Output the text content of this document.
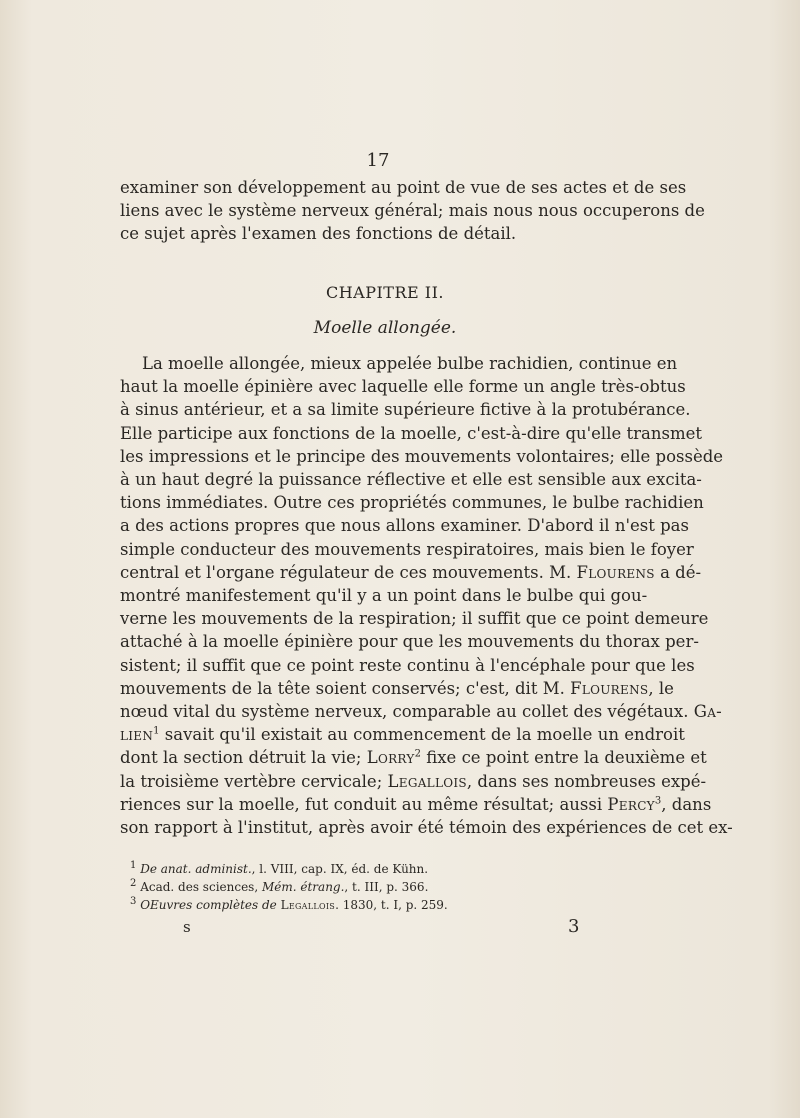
17
examiner son développement au point de vue de ses actes et de ses
liens avec le système nerveux général; mais nous nous occuperons de
ce sujet après l'examen des fonctions de détail.
CHAPITRE II.
Moelle allongée.
La moelle allongée, mieux appelée bulbe rachidien, continue en
haut la moelle épinière avec laquelle elle forme un angle très-obtus
à sinus antérieur, et a sa limite supérieure fictive à la protubérance.
Elle participe aux fonctions de la moelle, c'est-à-dire qu'elle transmet
les impressions et le principe des mouvements volontaires; elle possède
à un haut degré la puissance réflective et elle est sensible aux excita-
tions immédiates. Outre ces propriétés communes, le bulbe rachidien
a des actions propres que nous allons examiner. D'abord il n'est pas
simple conducteur des mouvements respiratoires, mais bien le foyer
central et l'organe régulateur de ces mouvements. M. Flourens a dé-
montré manifestement qu'il y a un point dans le bulbe qui gou-
verne les mouvements de la respiration; il suffit que ce point demeure
attaché à la moelle épinière pour que les mouvements du thorax per-
sistent; il suffit que ce point reste continu à l'encéphale pour que les
mouvements de la tête soient conservés; c'est, dit M. Flourens, le
nœud vital du système nerveux, comparable au collet des végétaux. Ga-
lien$^1$ savait qu'il existait au commencement de la moelle un endroit
dont la section détruit la vie; Lorry$^2$ fixe ce point entre la deuxième et
la troisième vertèbre cervicale; Legallois, dans ses nombreuses expé-
riences sur la moelle, fut conduit au même résultat; aussi Percy$^3$, dans
son rapport à l'institut, après avoir été témoin des expériences de cet ex-
$^1$ De anat. administ., l. VIII, cap. IX, éd. de Kühn.
$^2$ Acad. des sciences, Mém. étrang., t. III, p. 366.
$^3$ OEuvres complètes de Legallois. 1830, t. I, p. 259.
s	3
